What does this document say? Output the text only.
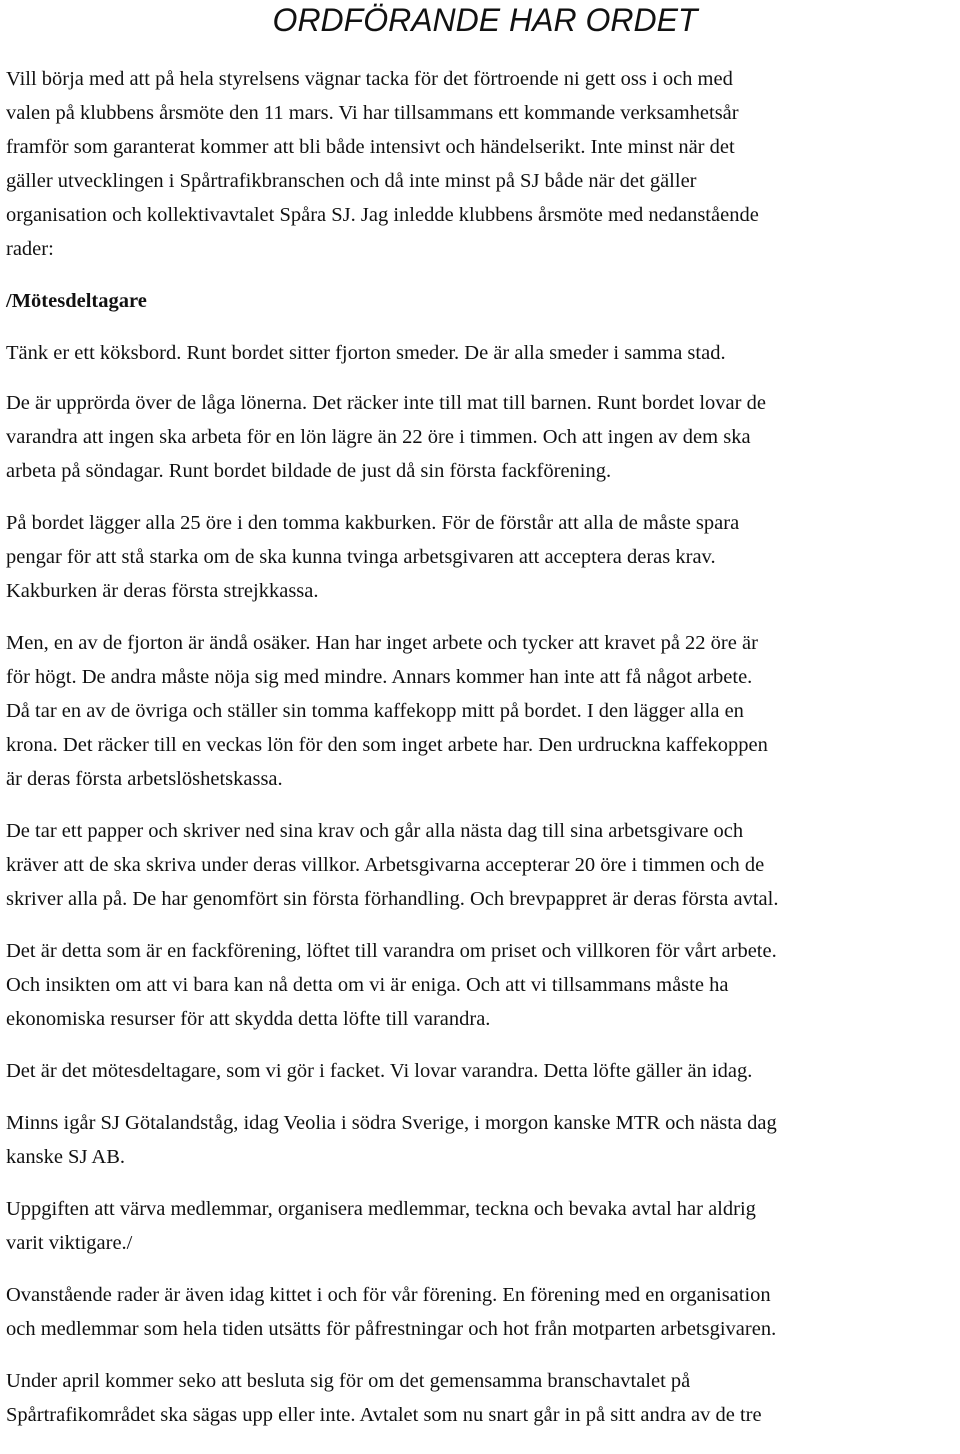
ORDFÖRANDE HAR ORDET

Vill börja med att på hela styrelsens vägnar tacka för det förtroende ni gett oss i och med

valen på klubbens årsmöte den 11 mars. Vi har tillsammans ett kommande verksamhetsår

framför som garanterat kommer att bli både intensivt och händelserikt. Inte minst när det

gäller utvecklingen i Spårtrafikbranschen och då inte minst på SJ både när det gäller

organisation och kollektivavtalet Spåra SJ. Jag inledde klubbens årsmöte med nedanstående

rader:

/Mötesdeltagare

Tänk er ett köksbord. Runt bordet sitter fjorton smeder. De är alla smeder i samma stad.

De är upprörda över de låga lönerna. Det räcker inte till mat till barnen. Runt bordet lovar de

varandra att ingen ska arbeta för en lön lägre än 22 öre i timmen. Och att ingen av dem ska

arbeta på söndagar. Runt bordet bildade de just då sin första fackförening.

På bordet lägger alla 25 öre i den tomma kakburken. För de förstår att alla de måste spara

pengar för att stå starka om de ska kunna tvinga arbetsgivaren att acceptera deras krav.

Kakburken är deras första strejkkassa.

Men, en av de fjorton är ändå osäker. Han har inget arbete och tycker att kravet på 22 öre är

för högt. De andra måste nöja sig med mindre. Annars kommer han inte att få något arbete.

Då tar en av de övriga och ställer sin tomma kaffekopp mitt på bordet. I den lägger alla en

krona. Det räcker till en veckas lön för den som inget arbete har. Den urdruckna kaffekoppen

är deras första arbetslöshetskassa.

De tar ett papper och skriver ned sina krav och går alla nästa dag till sina arbetsgivare och

kräver att de ska skriva under deras villkor. Arbetsgivarna accepterar 20 öre i timmen och de

skriver alla på. De har genomfört sin första förhandling. Och brevpappret är deras första avtal.

Det är detta som är en fackförening, löftet till varandra om priset och villkoren för vårt arbete.

Och insikten om att vi bara kan nå detta om vi är eniga. Och att vi tillsammans måste ha

ekonomiska resurser för att skydda detta löfte till varandra.

Det är det mötesdeltagare, som vi gör i facket. Vi lovar varandra. Detta löfte gäller än idag.

Minns igår SJ Götalandståg, idag Veolia i södra Sverige, i morgon kanske MTR och nästa dag

kanske SJ AB.

Uppgiften att värva medlemmar, organisera medlemmar, teckna och bevaka avtal har aldrig

varit viktigare./

Ovanstående rader är även idag kittet i och för vår förening. En förening med en organisation

och medlemmar som hela tiden utsätts för påfrestningar och hot från motparten arbetsgivaren.

Under april kommer seko att besluta sig för om det gemensamma branschavtalet på

Spårtrafikområdet ska sägas upp eller inte. Avtalet som nu snart går in på sitt andra av de tre
